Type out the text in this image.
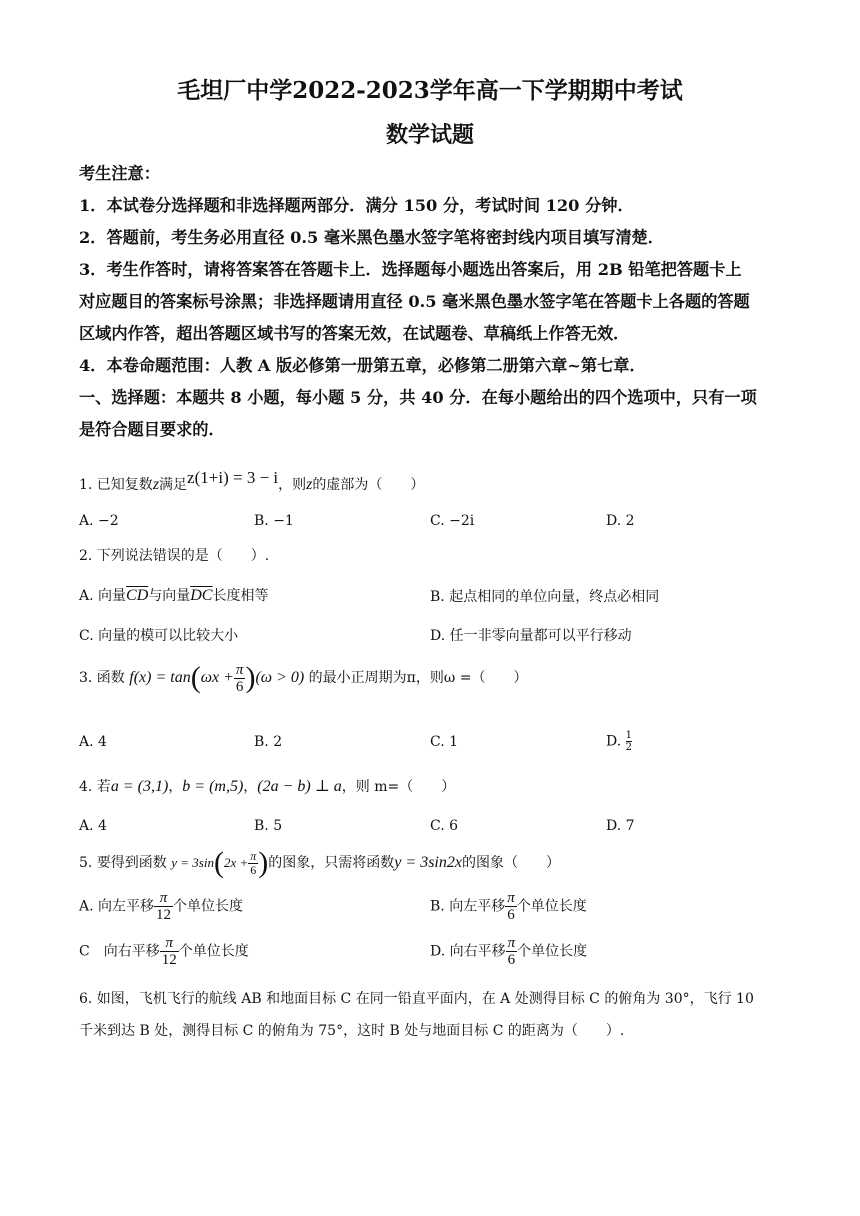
毛坦厂中学2022-2023学年高一下学期期中考试
数学试题

考生注意：

1．本试卷分选择题和非选择题两部分．满分 150 分，考试时间 120 分钟．

2．答题前，考生务必用直径 0.5 毫米黑色墨水签字笔将密封线内项目填写清楚．

3．考生作答时，请将答案答在答题卡上．选择题每小题选出答案后，用 2B 铅笔把答题卡上

对应题目的答案标号涂黑；非选择题请用直径 0.5 毫米黑色墨水签字笔在答题卡上各题的答题

区域内作答，超出答题区域书写的答案无效，在试题卷、草稿纸上作答无效．

4．本卷命题范围：人教 A 版必修第一册第五章，必修第二册第六章~第七章．

一、选择题：本题共 8 小题，每小题 5 分，共 40 分．在每小题给出的四个选项中，只有一项

是符合题目要求的．

1. 已知复数z满足z(1+i) = 3 − i，则z的虚部为（　　）
A. −2	B. −1	C. −2i	D. 2
2. 下列说法错误的是（　　）.
A. 向量$\overline{CD}$与向量$\overline{DC}$长度相等	B. 起点相同的单位向量，终点必相同
C. 向量的模可以比较大小	D. 任一非零向量都可以平行移动
3. 函数 $f(x) = \tan(\omega x + \frac{\pi}{6} )(\omega > 0)$ 的最小正周期为π，则ω =（　　）
A. 4	B. 2	C. 1	D. $\frac{1}{2}$
4. 若a = (3,1)，b = (m,5)，(2a − b) ⊥ a，则 m=（　　）
A. 4	B. 5	C. 6	D. 7
5. 要得到函数 $y = 3\sin(2x + \frac{\pi}{6}$ )的图象，只需将函数y = 3sin2x的图象（　　）
A. 向左平移 $\frac{\pi}{12}$ 个单位长度	B. 向左平移 $\frac{\pi}{6}$ 个单位长度
C　向右平移 $\frac{\pi}{12}$ 个单位长度	D. 向右平移 $\frac{\pi}{6}$ 个单位长度
6. 如图，飞机飞行的航线 AB 和地面目标 C 在同一铅直平面内，在 A 处测得目标 C 的俯角为 30°，飞行 10
千米到达 B 处，测得目标 C 的俯角为 75°，这时 B 处与地面目标 C 的距离为（　　）.
